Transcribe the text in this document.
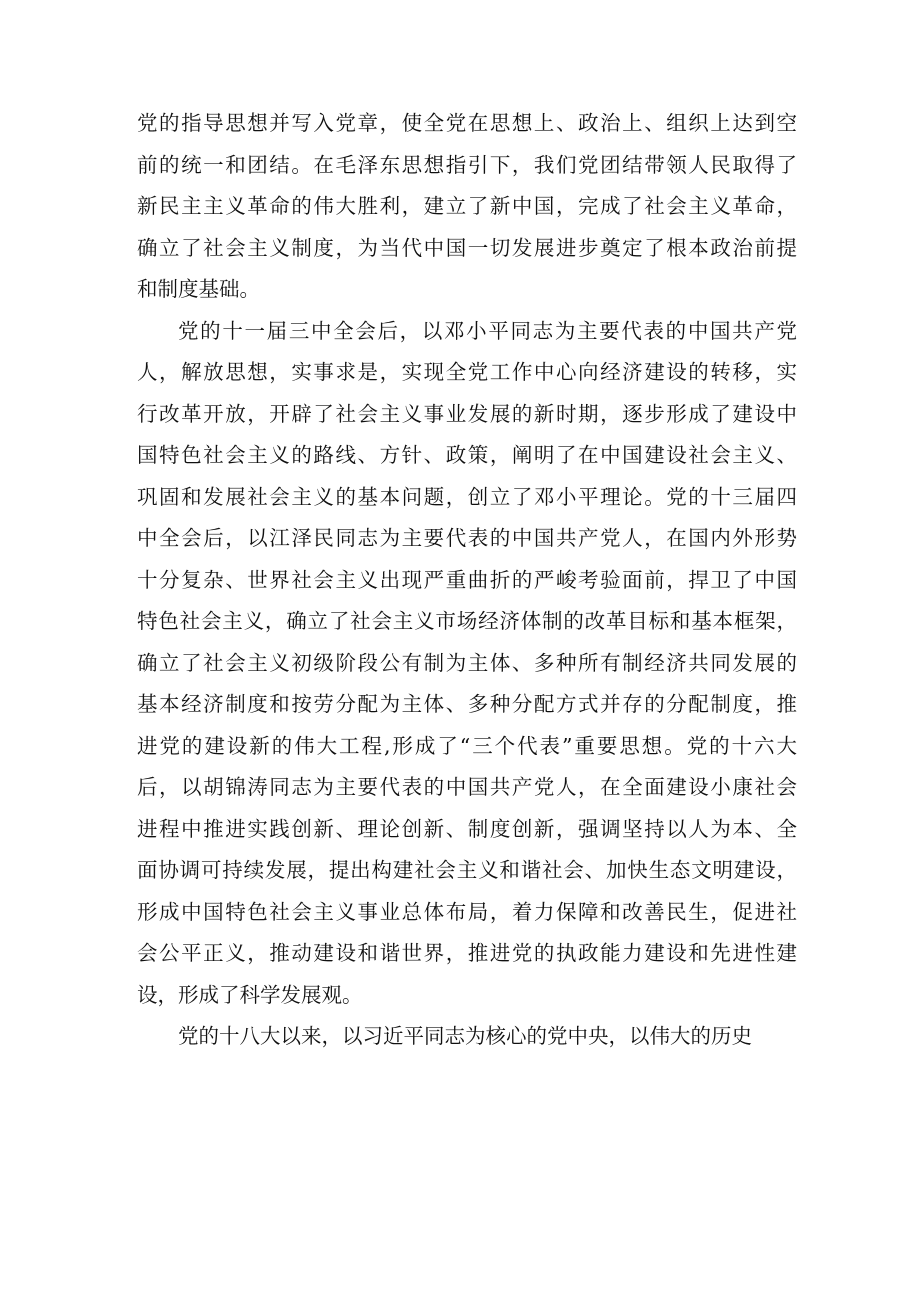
党的指导思想并写入党章，使全党在思想上、政治上、组织上达到空
前的统一和团结。在毛泽东思想指引下，我们党团结带领人民取得了
新民主主义革命的伟大胜利，建立了新中国，完成了社会主义革命，
确立了社会主义制度，为当代中国一切发展进步奠定了根本政治前提
和制度基础。
党的十一届三中全会后，以邓小平同志为主要代表的中国共产党
人，解放思想，实事求是，实现全党工作中心向经济建设的转移，实
行改革开放，开辟了社会主义事业发展的新时期，逐步形成了建设中
国特色社会主义的路线、方针、政策，阐明了在中国建设社会主义、
巩固和发展社会主义的基本问题，创立了邓小平理论。党的十三届四
中全会后，以江泽民同志为主要代表的中国共产党人，在国内外形势
十分复杂、世界社会主义出现严重曲折的严峻考验面前，捍卫了中国
特色社会主义，确立了社会主义市场经济体制的改革目标和基本框架，
确立了社会主义初级阶段公有制为主体、多种所有制经济共同发展的
基本经济制度和按劳分配为主体、多种分配方式并存的分配制度，推
进党的建设新的伟大工程,形成了“三个代表”重要思想。党的十六大
后，以胡锦涛同志为主要代表的中国共产党人，在全面建设小康社会
进程中推进实践创新、理论创新、制度创新，强调坚持以人为本、全
面协调可持续发展，提出构建社会主义和谐社会、加快生态文明建设，
形成中国特色社会主义事业总体布局，着力保障和改善民生，促进社
会公平正义，推动建设和谐世界，推进党的执政能力建设和先进性建
设，形成了科学发展观。
党的十八大以来，以习近平同志为核心的党中央，以伟大的历史
